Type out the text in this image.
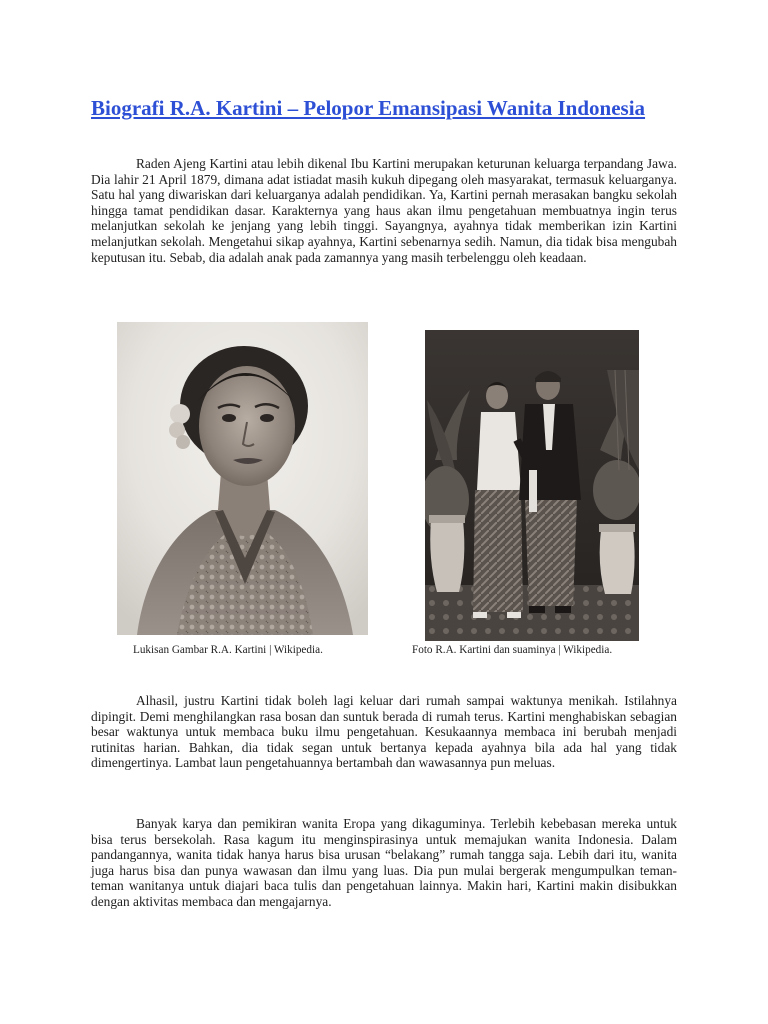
Biografi R.A. Kartini – Pelopor Emansipasi Wanita Indonesia

Raden Ajeng Kartini atau lebih dikenal Ibu Kartini merupakan keturunan keluarga terpandang Jawa. Dia lahir 21 April 1879, dimana adat istiadat masih kukuh dipegang oleh masyarakat, termasuk keluarganya. Satu hal yang diwariskan dari keluarganya adalah pendidikan. Ya, Kartini pernah merasakan bangku sekolah hingga tamat pendidikan dasar. Karakternya yang haus akan ilmu pengetahuan membuatnya ingin terus melanjutkan sekolah ke jenjang yang lebih tinggi. Sayangnya, ayahnya tidak memberikan izin Kartini melanjutkan sekolah. Mengetahui sikap ayahnya, Kartini sebenarnya sedih. Namun, dia tidak bisa mengubah keputusan itu. Sebab, dia adalah anak pada zamannya yang masih terbelenggu oleh keadaan.

Lukisan Gambar R.A. Kartini | Wikipedia.	Foto R.A. Kartini dan suaminya | Wikipedia.

Alhasil, justru Kartini tidak boleh lagi keluar dari rumah sampai waktunya menikah. Istilahnya dipingit. Demi menghilangkan rasa bosan dan suntuk berada di rumah terus. Kartini menghabiskan sebagian besar waktunya untuk membaca buku ilmu pengetahuan. Kesukaannya membaca ini berubah menjadi rutinitas harian. Bahkan, dia tidak segan untuk bertanya kepada ayahnya bila ada hal yang tidak dimengertinya. Lambat laun pengetahuannya bertambah dan wawasannya pun meluas.

Banyak karya dan pemikiran wanita Eropa yang dikaguminya. Terlebih kebebasan mereka untuk bisa terus bersekolah. Rasa kagum itu menginspirasinya untuk memajukan wanita Indonesia. Dalam pandangannya, wanita tidak hanya harus bisa urusan “belakang” rumah tangga saja. Lebih dari itu, wanita juga harus bisa dan punya wawasan dan ilmu yang luas. Dia pun mulai bergerak mengumpulkan teman-teman wanitanya untuk diajari baca tulis dan pengetahuan lainnya. Makin hari, Kartini makin disibukkan dengan aktivitas membaca dan mengajarnya.
